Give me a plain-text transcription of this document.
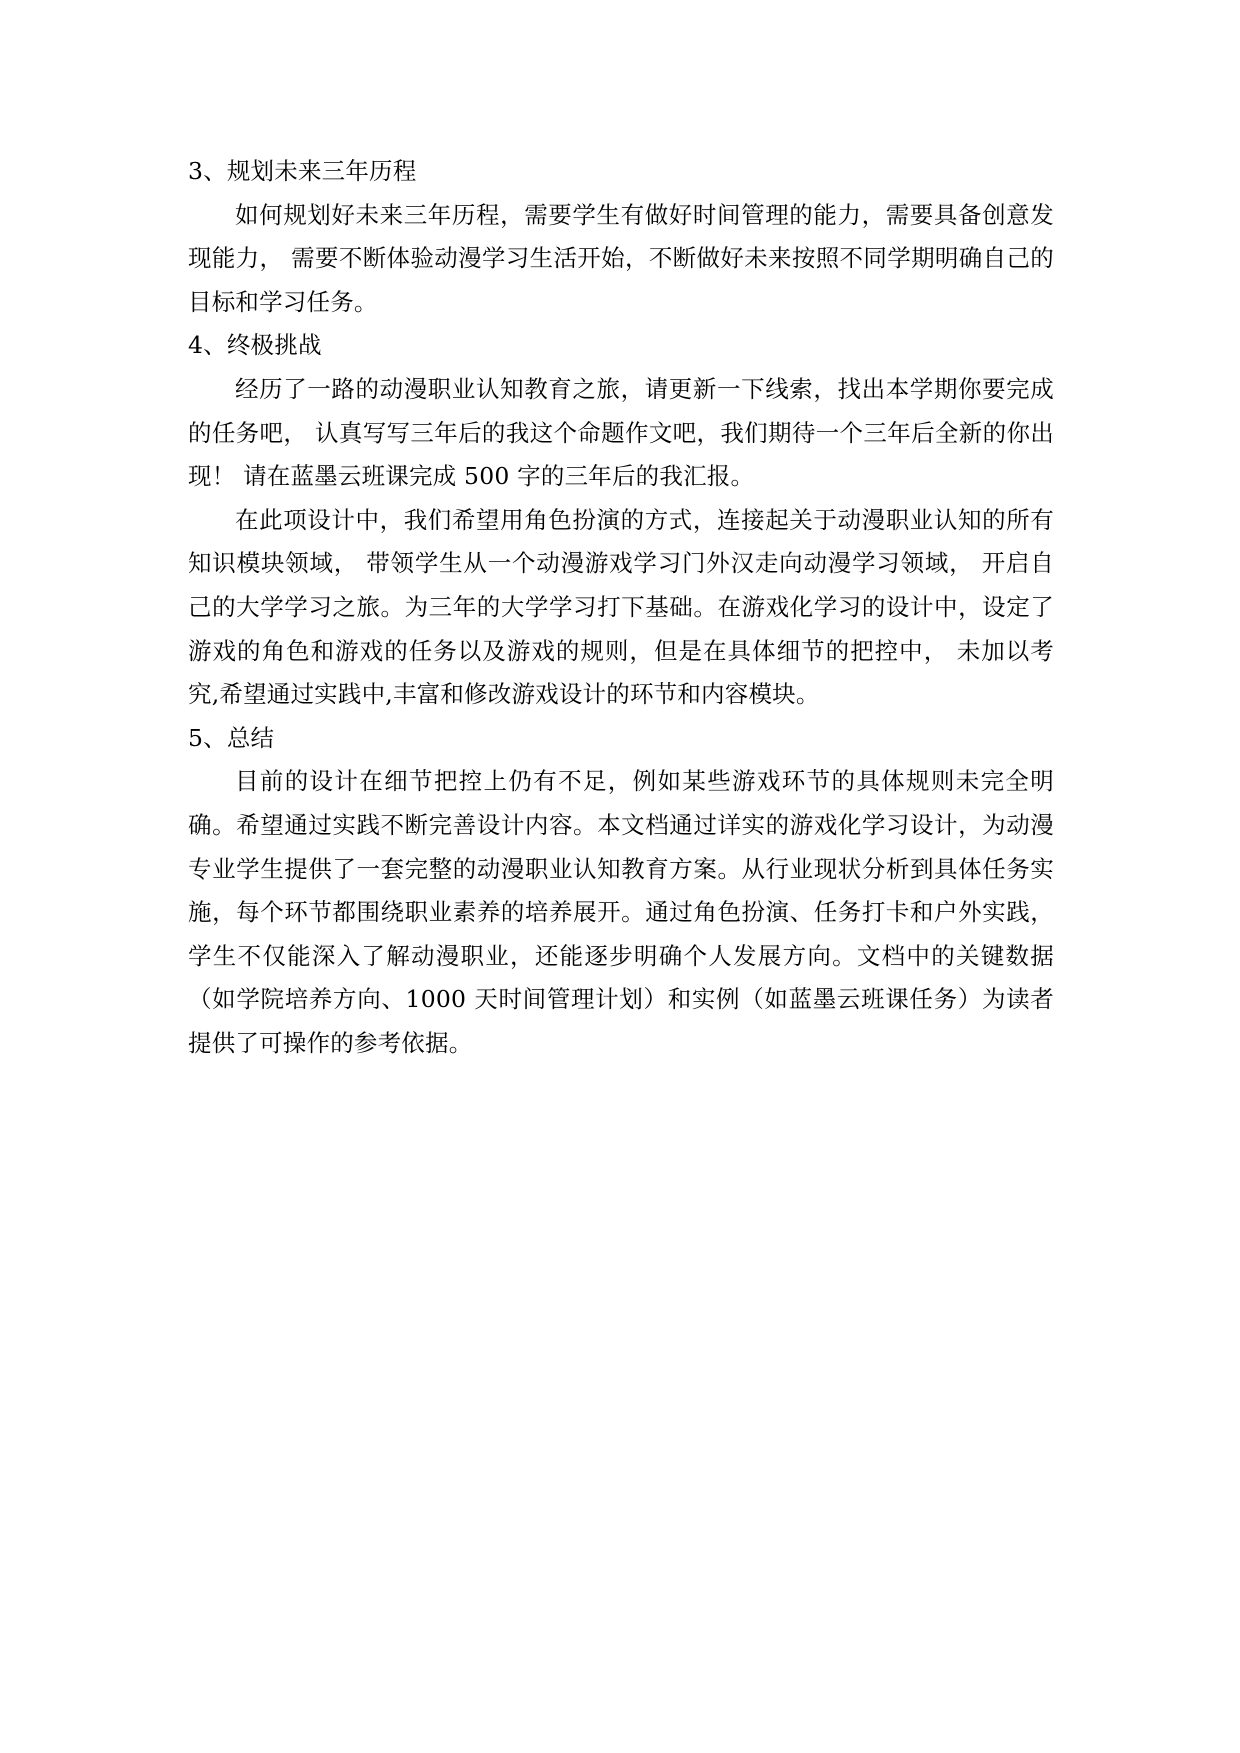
3、规划未来三年历程

如何规划好未来三年历程，需要学生有做好时间管理的能力，需要具备创意发现能力， 需要不断体验动漫学习生活开始，不断做好未来按照不同学期明确自己的目标和学习任务。

4、终极挑战

经历了一路的动漫职业认知教育之旅，请更新一下线索，找出本学期你要完成的任务吧， 认真写写三年后的我这个命题作文吧，我们期待一个三年后全新的你出现！ 请在蓝墨云班课完成 500 字的三年后的我汇报。

在此项设计中，我们希望用角色扮演的方式，连接起关于动漫职业认知的所有知识模块领域， 带领学生从一个动漫游戏学习门外汉走向动漫学习领域， 开启自己的大学学习之旅。为三年的大学学习打下基础。在游戏化学习的设计中，设定了游戏的角色和游戏的任务以及游戏的规则，但是在具体细节的把控中， 未加以考究,希望通过实践中,丰富和修改游戏设计的环节和内容模块。

5、总结

目前的设计在细节把控上仍有不足，例如某些游戏环节的具体规则未完全明确。希望通过实践不断完善设计内容。本文档通过详实的游戏化学习设计，为动漫专业学生提供了一套完整的动漫职业认知教育方案。从行业现状分析到具体任务实施，每个环节都围绕职业素养的培养展开。通过角色扮演、任务打卡和户外实践，学生不仅能深入了解动漫职业，还能逐步明确个人发展方向。文档中的关键数据（如学院培养方向、1000 天时间管理计划）和实例（如蓝墨云班课任务）为读者提供了可操作的参考依据。
